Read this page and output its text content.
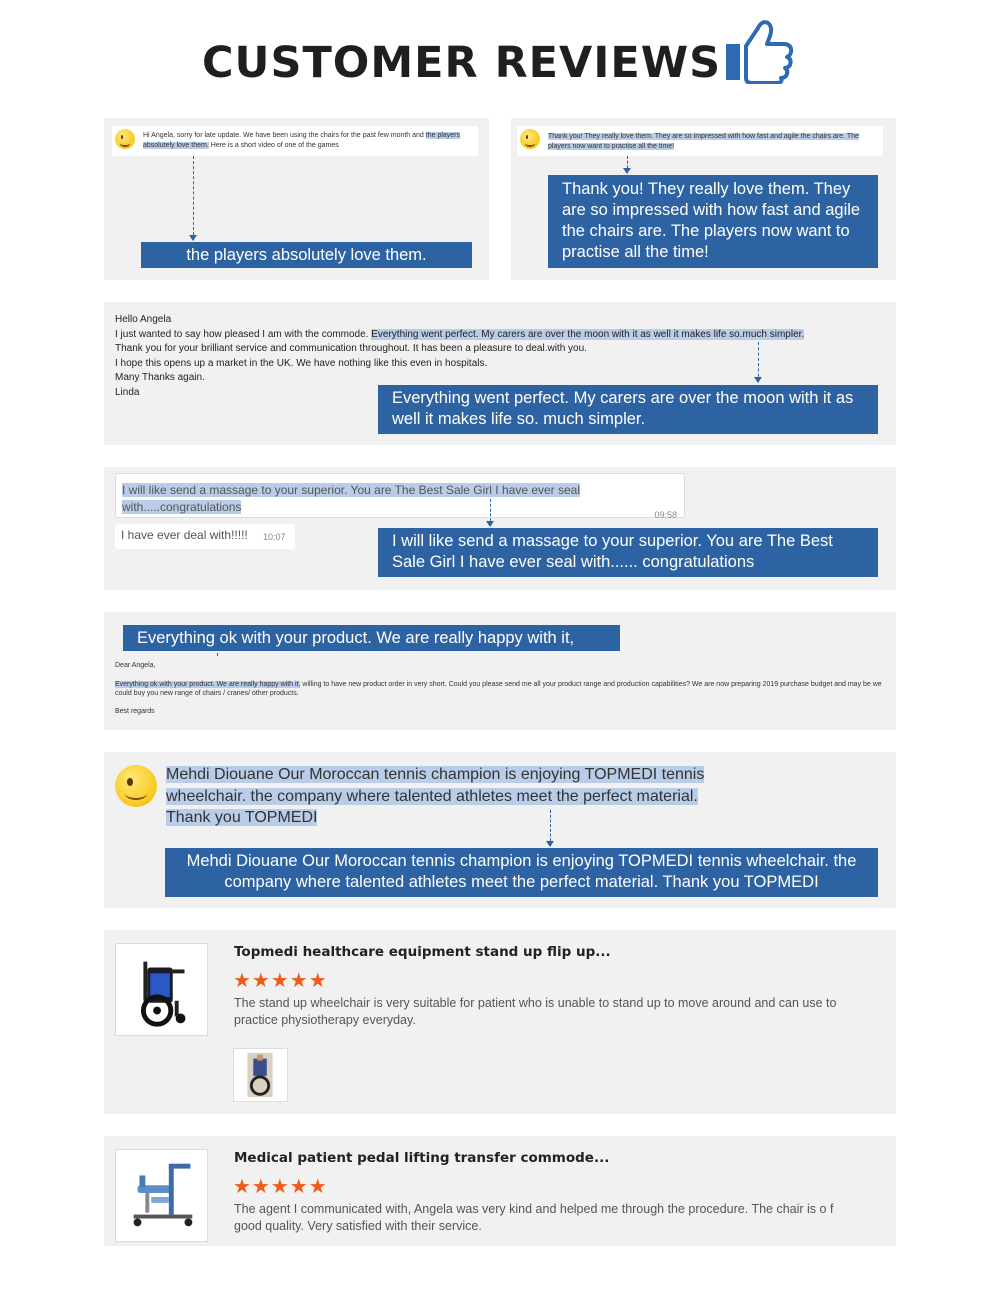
CUSTOMER REVIEWS
Hi Angela, sorry for late update. We have been using the chairs for the past few month and the players absolutely love them. Here is a short video of one of the games
the players absolutely love them.
Thank you! They really love them. They are so impressed with how fast and agile the chairs are. The players now want to practise all the time!
Thank you! They really love them. They are so impressed with how fast and agile the chairs are. The players now want to practise all the time!
Hello Angela
I just wanted to say how pleased I am with the commode. Everything went perfect. My carers are over the moon with it as well it makes life so.much simpler.
Thank you for your brilliant service and communication throughout. It has been a pleasure to deal.with you.
I hope this opens up a market in the UK. We have nothing like this even in hospitals.
Many Thanks again.
Linda	Everything went perfect. My carers are over the moon with it as well it makes life so. much simpler.
I will like send a massage to your superior. You are The Best Sale Girl I have ever seal with.....congratulations
09:58
I have ever deal with!!!!! 10:07	I will like send a massage to your superior. You are The Best Sale Girl I have ever seal with...... congratulations
Everything ok with your product. We are really happy with it,
Dear Angela,
Everything ok with your product. We are really happy with it, willing to have new product order in very short. Could you please send me all your product range and production capabilities? We are now preparing 2019 purchase budget and may be we could buy you new range of chairs / cranes/ other products.
Best regards
Mehdi Diouane Our Moroccan tennis champion is enjoying TOPMEDI tennis wheelchair. the company where talented athletes meet the perfect material. Thank you TOPMEDI
Mehdi Diouane Our Moroccan tennis champion is enjoying TOPMEDI tennis wheelchair. the company where talented athletes meet the perfect material. Thank you TOPMEDI
Topmedi healthcare equipment stand up flip up...
★★★★★
The stand up wheelchair is very suitable for patient who is unable to stand up to move around and can use to practice physiotherapy everyday.
Medical patient pedal lifting transfer commode...
★★★★★
The agent I communicated with, Angela was very kind and helped me through the procedure. The chair is o f good quality. Very satisfied with their service.
